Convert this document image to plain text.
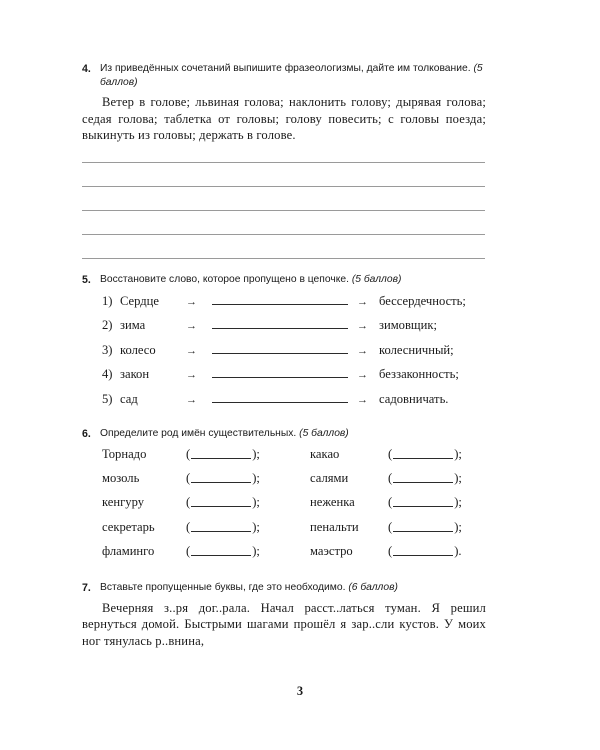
4. Из приведённых сочетаний выпишите фразеологизмы, дайте им толкование. (5 баллов)
Ветер в голове; львиная голова; наклонить голову; дырявая голова; седая голова; таблетка от головы; голову повесить; с головы поезда; выкинуть из головы; держать в голове.
5. Восстановите слово, которое пропущено в цепочке. (5 баллов)
1) Сердце	→	→ бессердечность;
2) зима	→	→ зимовщик;
3) колесо	→	→ колесничный;
4) закон	→	→ беззаконность;
5) сад	→	→ садовничать.
6. Определите род имён существительных. (5 баллов)
Торнадо	(	);	какао	(	);
мозоль	(	);	салями	(	);
кенгуру	(	);	неженка	(	);
секретарь	(	);	пенальти	(	);
фламинго	(	);	маэстро	(	).
7. Вставьте пропущенные буквы, где это необходимо. (6 баллов)
Вечерняя з..ря дог..рала. Начал расст..латься туман. Я решил вернуться домой. Быстрыми шагами прошёл я зар..сли кустов. У моих ног тянулась р..внина,
3
